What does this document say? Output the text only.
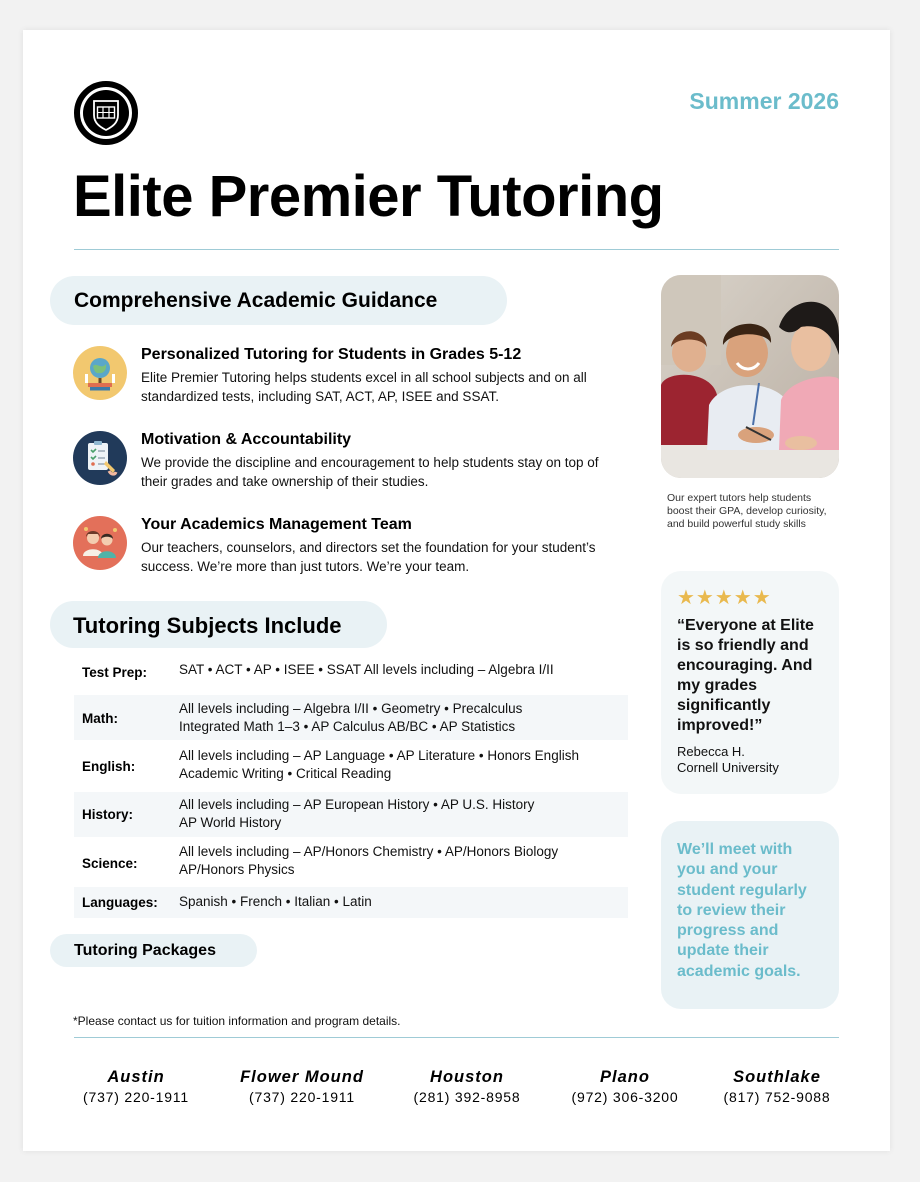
Summer 2026
Elite Premier Tutoring
Comprehensive Academic Guidance
Personalized Tutoring for Students in Grades 5-12
Elite Premier Tutoring helps students excel in all school subjects and on all standardized tests, including SAT, ACT, AP, ISEE and SSAT.
Motivation & Accountability
We provide the discipline and encouragement to help students stay on top of their grades and take ownership of their studies.
Your Academics Management Team
Our teachers, counselors, and directors set the foundation for your student’s success. We’re more than just tutors. We’re your team.
Tutoring Subjects Include
Test Prep: SAT • ACT • AP • ISEE • SSAT All levels including – Algebra I/II
Math:
All levels including – Algebra I/II • Geometry • Precalculus
Integrated Math 1–3 • AP Calculus AB/BC • AP Statistics
English:
All levels including – AP Language • AP Literature • Honors English
Academic Writing • Critical Reading
History:
All levels including – AP European History • AP U.S. History
AP World History
Science:
All levels including – AP/Honors Chemistry • AP/Honors Biology
AP/Honors Physics
Languages: Spanish • French • Italian • Latin
Tutoring Packages
*Please contact us for tuition information and program details.
Our expert tutors help students boost their GPA, develop curiosity, and build powerful study skills
★★★★★
“Everyone at Elite is so friendly and encouraging. And my grades significantly improved!”
Rebecca H.
Cornell University
We’ll meet with you and your student regularly to review their progress and update their academic goals.
Austin
(737) 220-1911
Flower Mound
(737) 220-1911
Houston
(281) 392-8958
Plano
(972) 306-3200
Southlake
(817) 752-9088
